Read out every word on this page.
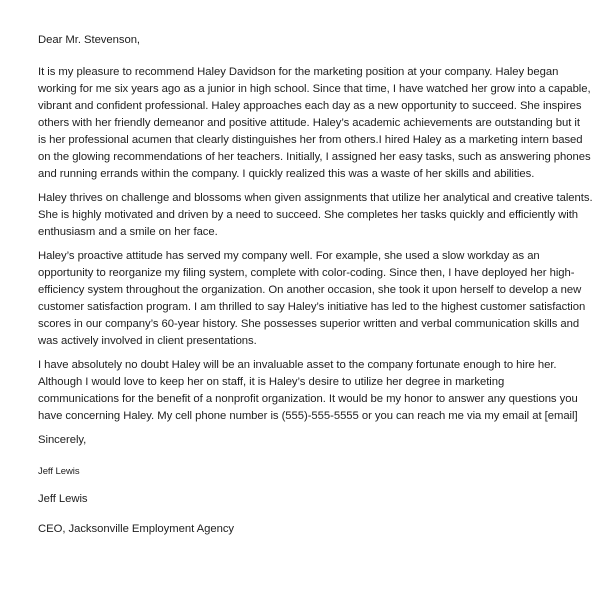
Dear Mr. Stevenson,

It is my pleasure to recommend Haley Davidson for the marketing position at your company. Haley began
working for me six years ago as a junior in high school. Since that time, I have watched her grow into a capable,
vibrant and confident professional. Haley approaches each day as a new opportunity to succeed. She inspires
others with her friendly demeanor and positive attitude. Haley’s academic achievements are outstanding but it
is her professional acumen that clearly distinguishes her from others.I hired Haley as a marketing intern based
on the glowing recommendations of her teachers. Initially, I assigned her easy tasks, such as answering phones
and running errands within the company. I quickly realized this was a waste of her skills and abilities.
Haley thrives on challenge and blossoms when given assignments that utilize her analytical and creative talents.
She is highly motivated and driven by a need to succeed. She completes her tasks quickly and efficiently with
enthusiasm and a smile on her face.
Haley’s proactive attitude has served my company well. For example, she used a slow workday as an
opportunity to reorganize my filing system, complete with color-coding. Since then, I have deployed her high-
efficiency system throughout the organization. On another occasion, she took it upon herself to develop a new
customer satisfaction program. I am thrilled to say Haley’s initiative has led to the highest customer satisfaction
scores in our company’s 60-year history. She possesses superior written and verbal communication skills and
was actively involved in client presentations.
I have absolutely no doubt Haley will be an invaluable asset to the company fortunate enough to hire her.
Although I would love to keep her on staff, it is Haley’s desire to utilize her degree in marketing
communications for the benefit of a nonprofit organization. It would be my honor to answer any questions you
have concerning Haley. My cell phone number is (555)-555-5555 or you can reach me via my email at [email]

Sincerely,

Jeff Lewis

Jeff Lewis

CEO, Jacksonville Employment Agency
